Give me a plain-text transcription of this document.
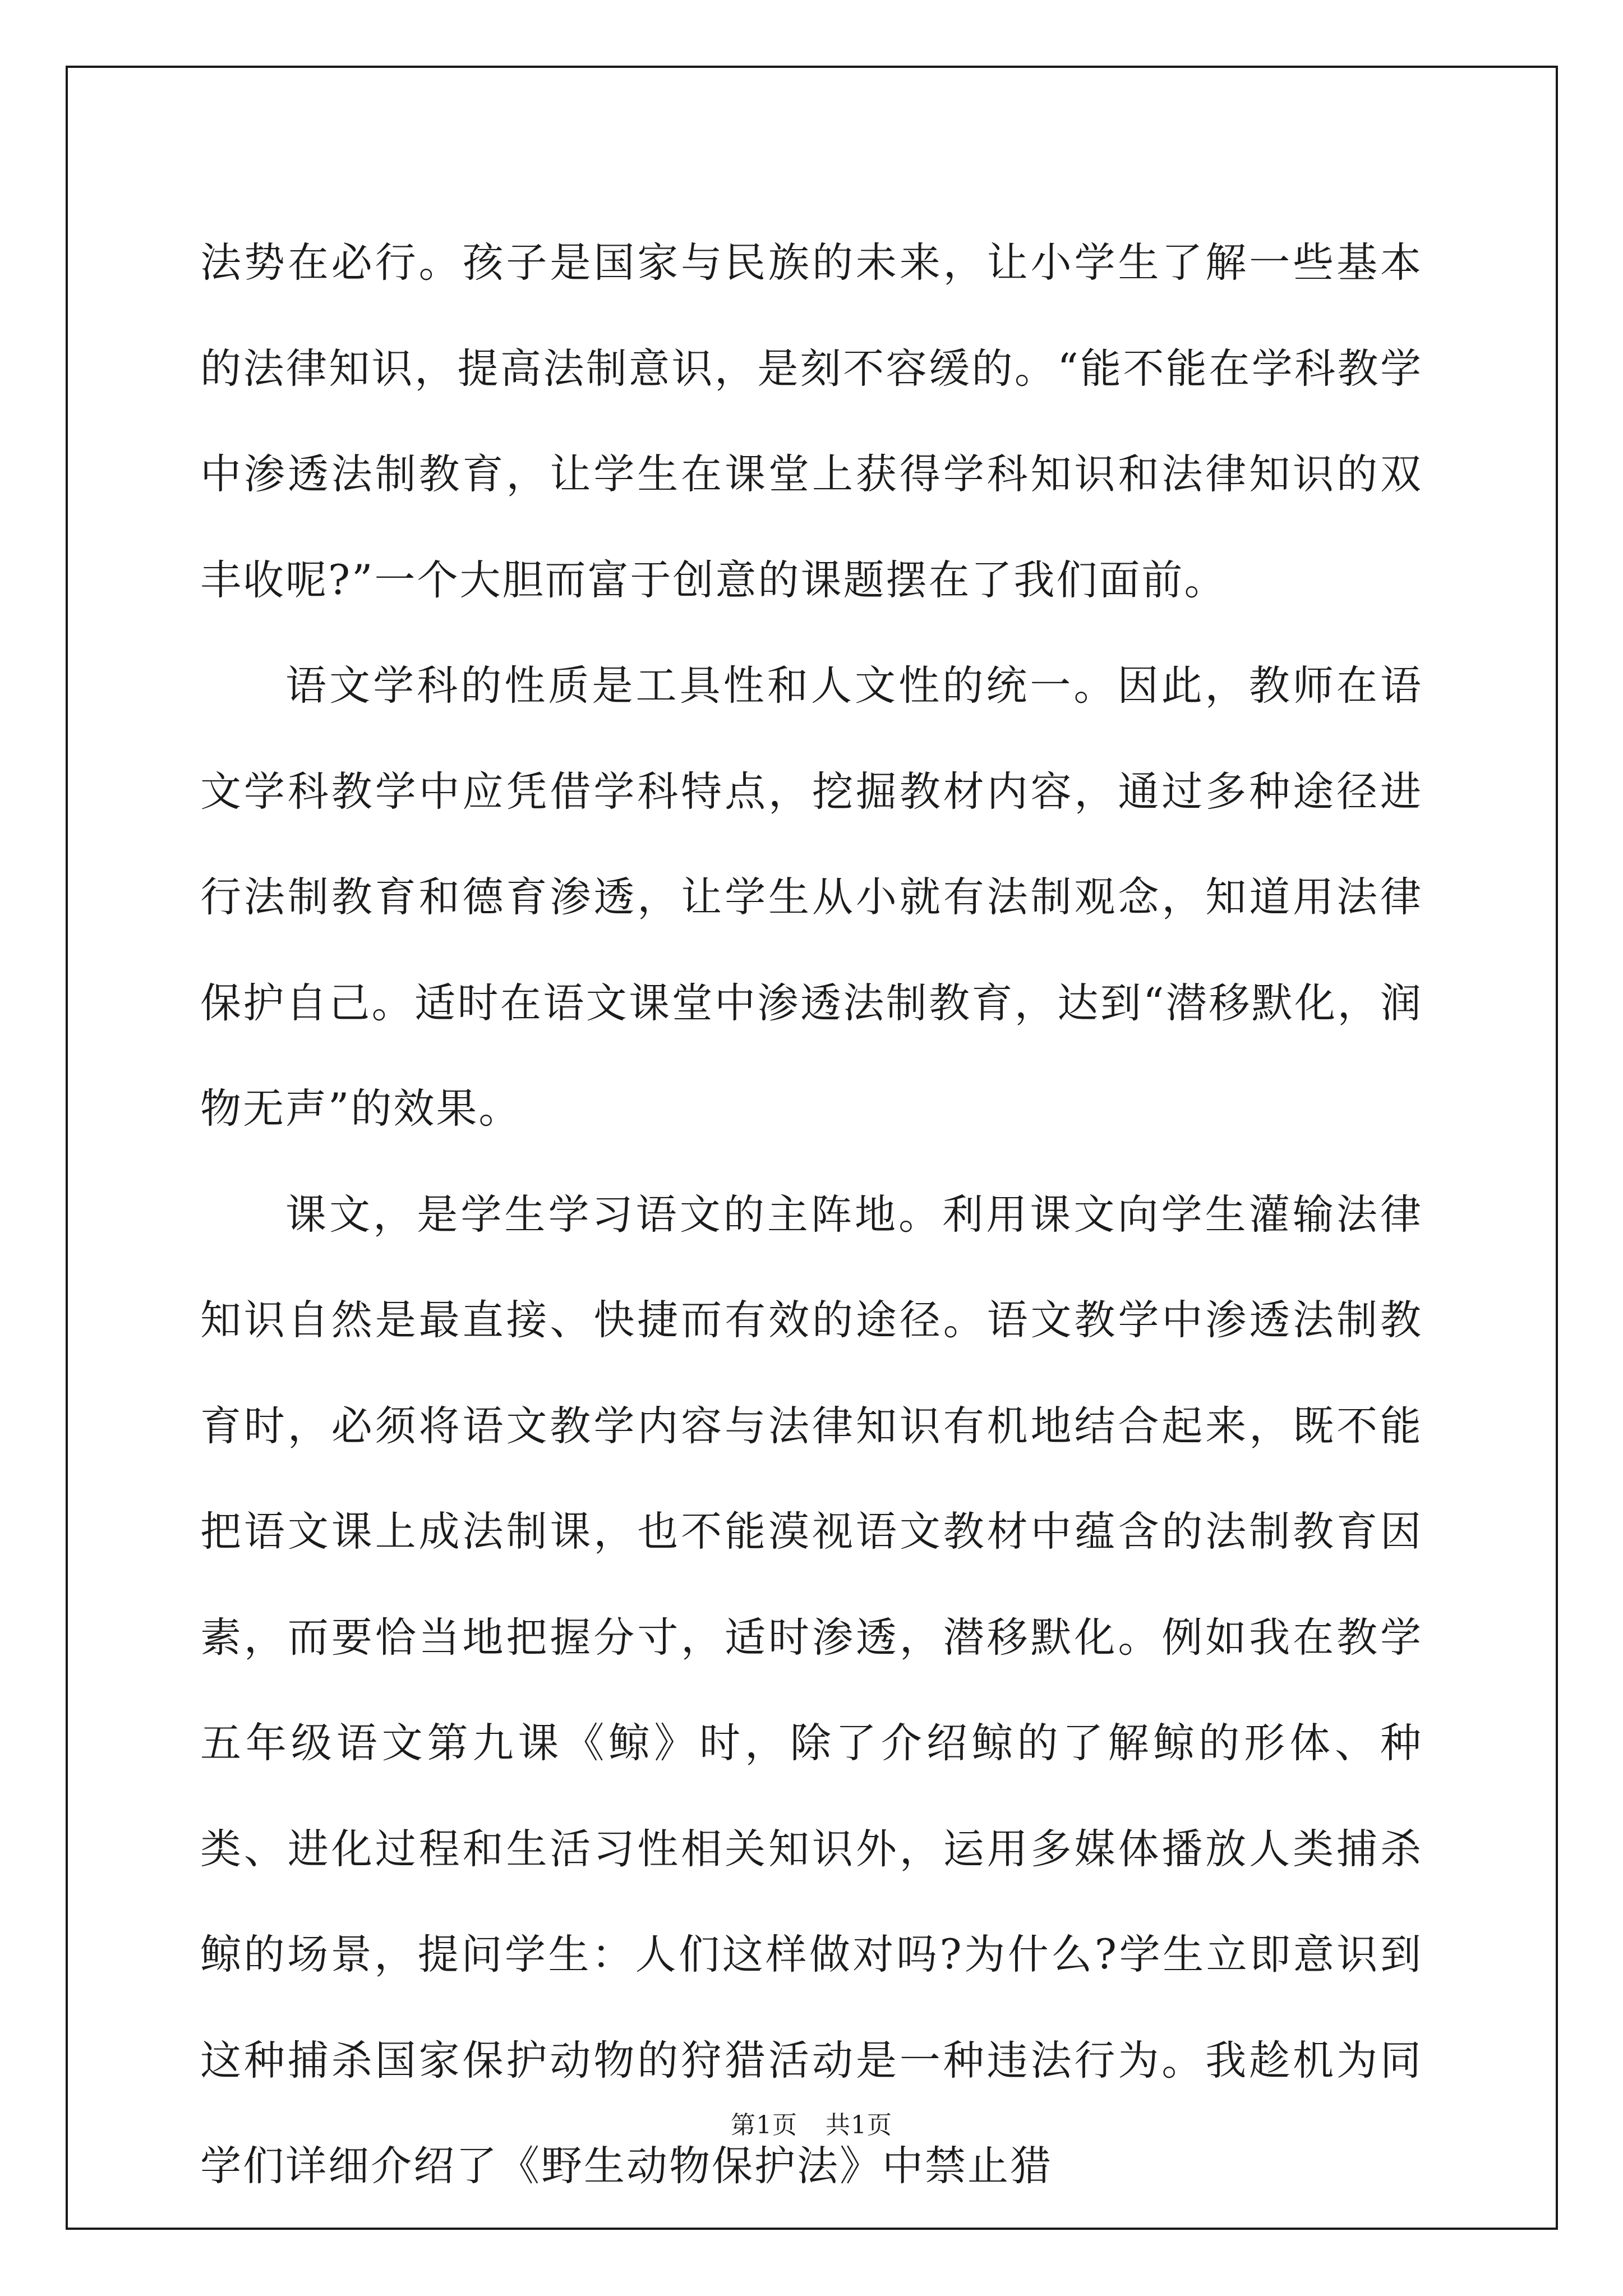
法势在必行。孩子是国家与民族的未来，让小学生了解一些基本的法律知识，提高法制意识，是刻不容缓的。“能不能在学科教学中渗透法制教育，让学生在课堂上获得学科知识和法律知识的双丰收呢?”一个大胆而富于创意的课题摆在了我们面前。

语文学科的性质是工具性和人文性的统一。因此，教师在语文学科教学中应凭借学科特点，挖掘教材内容，通过多种途径进行法制教育和德育渗透，让学生从小就有法制观念，知道用法律保护自己。适时在语文课堂中渗透法制教育，达到“潜移默化，润物无声”的效果。

课文，是学生学习语文的主阵地。利用课文向学生灌输法律知识自然是最直接、快捷而有效的途径。语文教学中渗透法制教育时，必须将语文教学内容与法律知识有机地结合起来，既不能把语文课上成法制课，也不能漠视语文教材中蕴含的法制教育因素，而要恰当地把握分寸，适时渗透，潜移默化。例如我在教学五年级语文第九课《鲸》时，除了介绍鲸的了解鲸的形体、种类、进化过程和生活习性相关知识外，运用多媒体播放人类捕杀鲸的场景，提问学生：人们这样做对吗?为什么?学生立即意识到这种捕杀国家保护动物的狩猎活动是一种违法行为。我趁机为同学们详细介绍了《野生动物保护法》中禁止猎

第1页 共1页
